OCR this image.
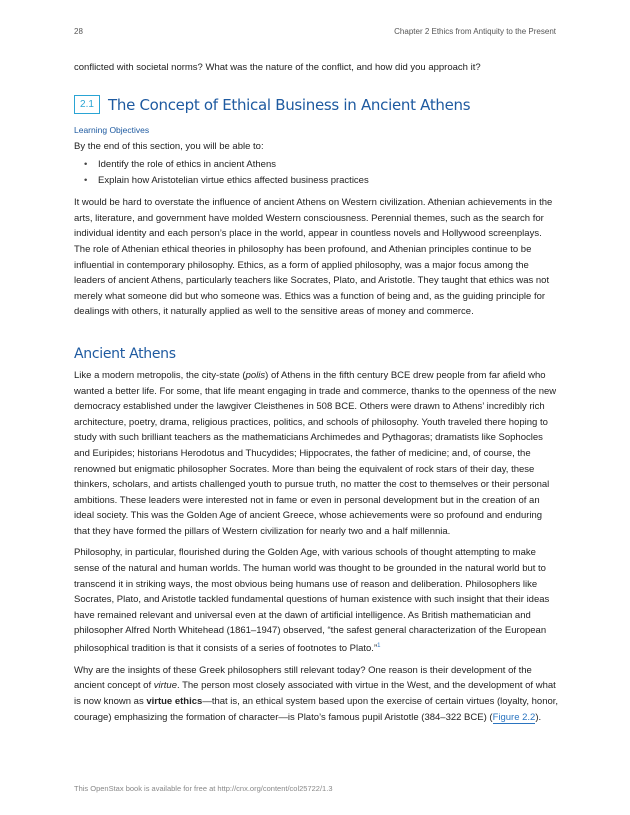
28	Chapter 2 Ethics from Antiquity to the Present

conflicted with societal norms? What was the nature of the conflict, and how did you approach it?

2.1 The Concept of Ethical Business in Ancient Athens
Learning Objectives

By the end of this section, you will be able to:

• Identify the role of ethics in ancient Athens
• Explain how Aristotelian virtue ethics affected business practices

It would be hard to overstate the influence of ancient Athens on Western civilization. Athenian achievements in the arts, literature, and government have molded Western consciousness. Perennial themes, such as the search for individual identity and each person’s place in the world, appear in countless novels and Hollywood screenplays. The role of Athenian ethical theories in philosophy has been profound, and Athenian principles continue to be influential in contemporary philosophy. Ethics, as a form of applied philosophy, was a major focus among the leaders of ancient Athens, particularly teachers like Socrates, Plato, and Aristotle. They taught that ethics was not merely what someone did but who someone was. Ethics was a function of being and, as the guiding principle for dealings with others, it naturally applied as well to the sensitive areas of money and commerce.

Ancient Athens

Like a modern metropolis, the city-state (polis) of Athens in the fifth century BCE drew people from far afield who wanted a better life. For some, that life meant engaging in trade and commerce, thanks to the openness of the new democracy established under the lawgiver Cleisthenes in 508 BCE. Others were drawn to Athens’ incredibly rich architecture, poetry, drama, religious practices, politics, and schools of philosophy. Youth traveled there hoping to study with such brilliant teachers as the mathematicians Archimedes and Pythagoras; dramatists like Sophocles and Euripides; historians Herodotus and Thucydides; Hippocrates, the father of medicine; and, of course, the renowned but enigmatic philosopher Socrates. More than being the equivalent of rock stars of their day, these thinkers, scholars, and artists challenged youth to pursue truth, no matter the cost to themselves or their personal ambitions. These leaders were interested not in fame or even in personal development but in the creation of an ideal society. This was the Golden Age of ancient Greece, whose achievements were so profound and enduring that they have formed the pillars of Western civilization for nearly two and a half millennia.

Philosophy, in particular, flourished during the Golden Age, with various schools of thought attempting to make sense of the natural and human worlds. The human world was thought to be grounded in the natural world but to transcend it in striking ways, the most obvious being humans use of reason and deliberation. Philosophers like Socrates, Plato, and Aristotle tackled fundamental questions of human existence with such insight that their ideas have remained relevant and universal even at the dawn of artificial intelligence. As British mathematician and philosopher Alfred North Whitehead (1861–1947) observed, “the safest general characterization of the European philosophical tradition is that it consists of a series of footnotes to Plato.”$^1$

Why are the insights of these Greek philosophers still relevant today? One reason is their development of the ancient concept of virtue. The person most closely associated with virtue in the West, and the development of what is now known as virtue ethics—that is, an ethical system based upon the exercise of certain virtues (loyalty, honor, courage) emphasizing the formation of character—is Plato’s famous pupil Aristotle (384–322 BCE) (Figure 2.2).

This OpenStax book is available for free at http://cnx.org/content/col25722/1.3
